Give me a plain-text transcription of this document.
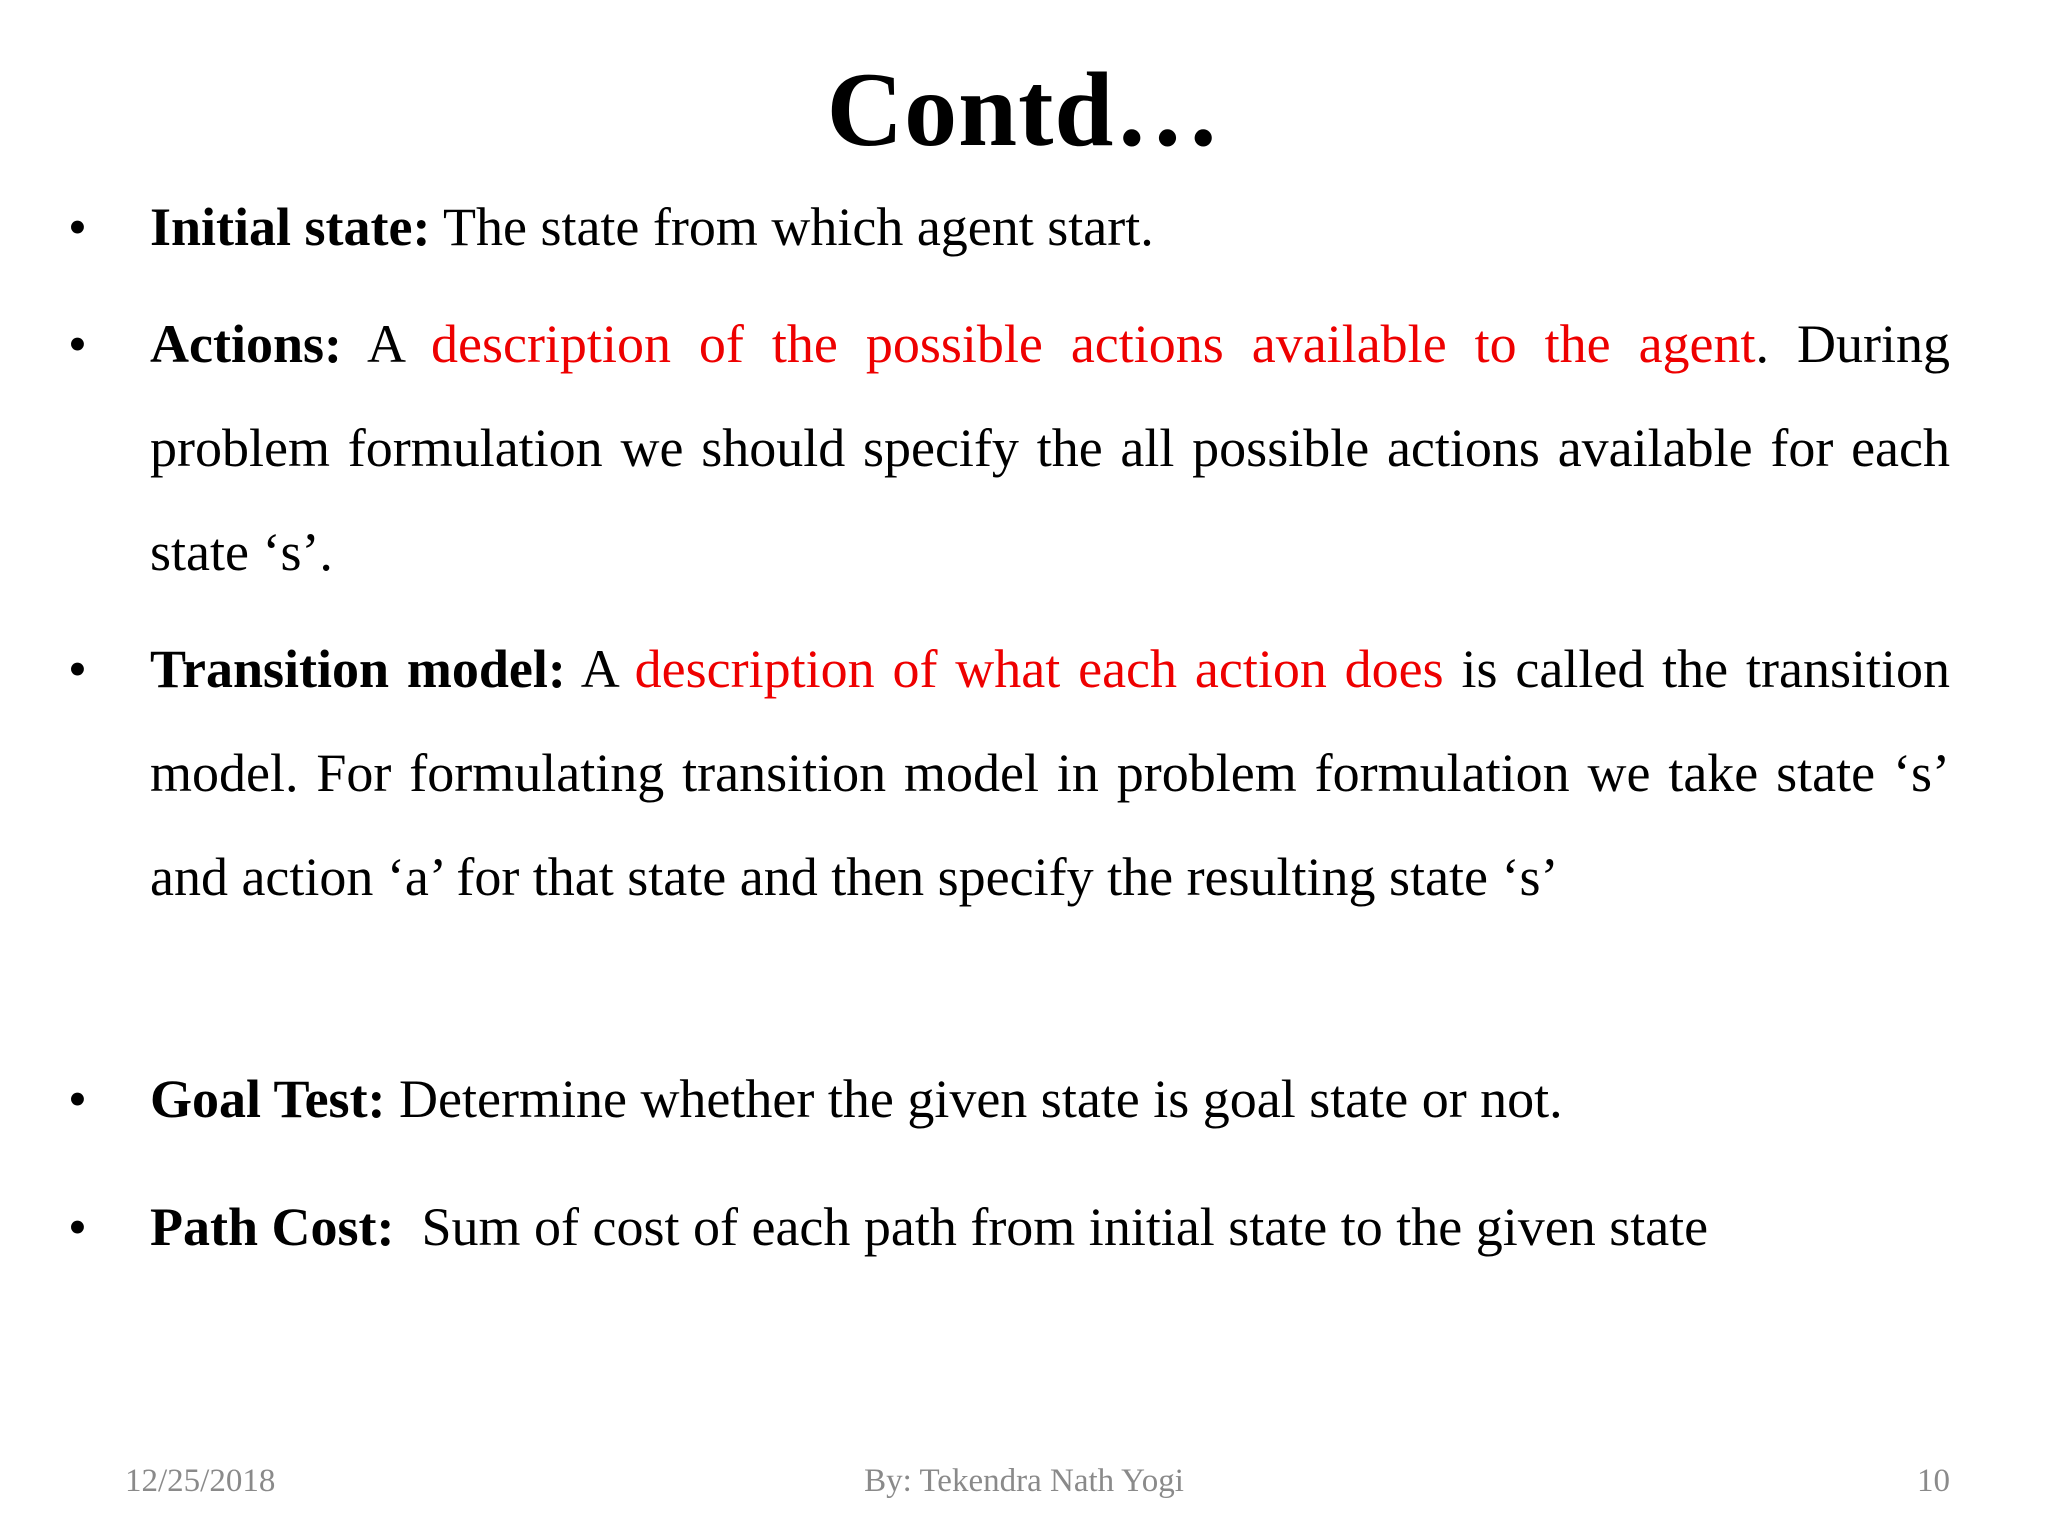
Contd…
• Initial state: The state from which agent start.
• Actions: A description of the possible actions available to the agent. During problem formulation we should specify the all possible actions available for each state ‘s’.
• Transition model: A description of what each action does is called the transition model. For formulating transition model in problem formulation we take state ‘s’ and action ‘a’ for that state and then specify the resulting state ‘s’
• Goal Test: Determine whether the given state is goal state or not.
• Path Cost:  Sum of cost of each path from initial state to the given state
12/25/2018	By: Tekendra Nath Yogi	10
